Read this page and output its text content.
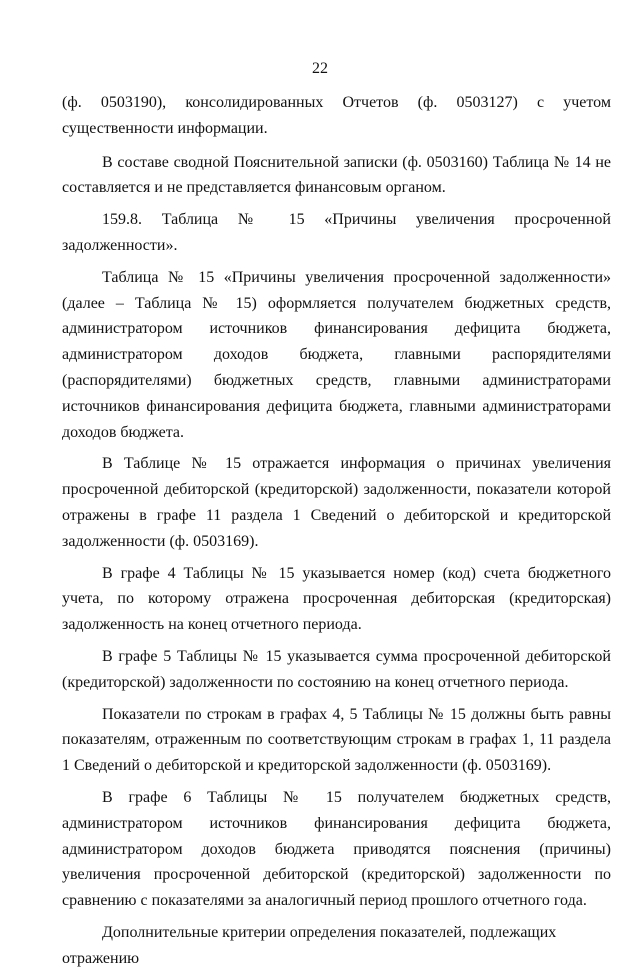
22

(ф. 0503190), консолидированных Отчетов (ф. 0503127) с учетом существенности информации.

В составе сводной Пояснительной записки (ф. 0503160) Таблица № 14 не составляется и не представляется финансовым органом.

159.8. Таблица № 15 «Причины увеличения просроченной задолженности».

Таблица № 15 «Причины увеличения просроченной задолженности» (далее – Таблица № 15) оформляется получателем бюджетных средств, администратором источников финансирования дефицита бюджета, администратором доходов бюджета, главными распорядителями (распорядителями) бюджетных средств, главными администраторами источников финансирования дефицита бюджета, главными администраторами доходов бюджета.

В Таблице № 15 отражается информация о причинах увеличения просроченной дебиторской (кредиторской) задолженности, показатели которой отражены в графе 11 раздела 1 Сведений о дебиторской и кредиторской задолженности (ф. 0503169).

В графе 4 Таблицы № 15 указывается номер (код) счета бюджетного учета, по которому отражена просроченная дебиторская (кредиторская) задолженность на конец отчетного периода.

В графе 5 Таблицы № 15 указывается сумма просроченной дебиторской (кредиторской) задолженности по состоянию на конец отчетного периода.

Показатели по строкам в графах 4, 5 Таблицы № 15 должны быть равны показателям, отраженным по соответствующим строкам в графах 1, 11 раздела 1 Сведений о дебиторской и кредиторской задолженности (ф. 0503169).

В графе 6 Таблицы № 15 получателем бюджетных средств, администратором источников финансирования дефицита бюджета, администратором доходов бюджета приводятся пояснения (причины) увеличения просроченной дебиторской (кредиторской) задолженности по сравнению с показателями за аналогичный период прошлого отчетного года.

Дополнительные критерии определения показателей, подлежащих отражению
